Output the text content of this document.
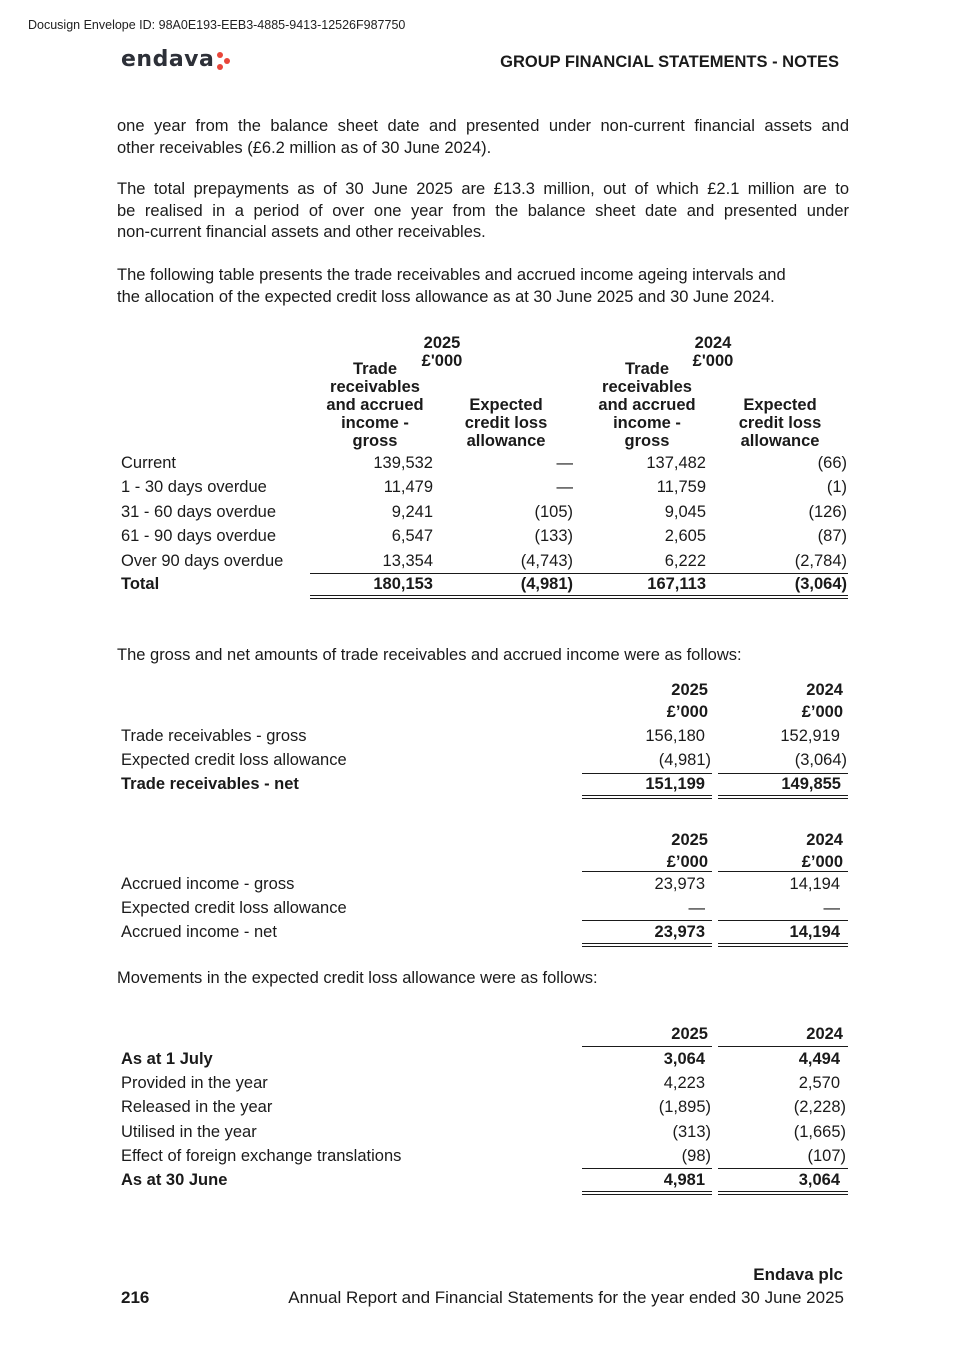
Docusign Envelope ID: 98A0E193-EEB3-4885-9413-12526F987750
endava	GROUP FINANCIAL STATEMENTS - NOTES
one year from the balance sheet date and presented under non-current financial assets and
other receivables (£6.2 million as of 30 June 2024).
The total prepayments as of 30 June 2025 are £13.3 million, out of which £2.1 million are to
be realised in a period of over one year from the balance sheet date and presented under
non-current financial assets and other receivables.
The following table presents the trade receivables and accrued income ageing intervals and
the allocation of the expected credit loss allowance as at 30 June 2025 and 30 June 2024.
2025
£'000
2024
£'000
Trade
receivables
and accrued
income -
gross
Expected
credit loss
allowance
Trade
receivables
and accrued
income -
gross
Expected
credit loss
allowance
Current	139,532	—	137,482	(66)
1 - 30 days overdue	11,479	—	11,759	(1)
31 - 60 days overdue	9,241	(105)	9,045	(126)
61 - 90 days overdue	6,547	(133)	2,605	(87)
Over 90 days overdue	13,354	(4,743)	6,222	(2,784)
Total	180,153	(4,981)	167,113	(3,064)
The gross and net amounts of trade receivables and accrued income were as follows:
2025
£’000
2024
£’000
Trade receivables - gross	156,180	152,919
Expected credit loss allowance	(4,981)	(3,064)
Trade receivables - net	151,199	149,855
2025
£’000
2024
£’000
Accrued income - gross	23,973	14,194
Expected credit loss allowance	—	—
Accrued income - net	23,973	14,194
Movements in the expected credit loss allowance were as follows:
2025	2024
As at 1 July	3,064	4,494
Provided in the year	4,223	2,570
Released in the year	(1,895)	(2,228)
Utilised in the year	(313)	(1,665)
Effect of foreign exchange translations	(98)	(107)
As at 30 June	4,981	3,064
Endava plc
216	Annual Report and Financial Statements for the year ended 30 June 2025
